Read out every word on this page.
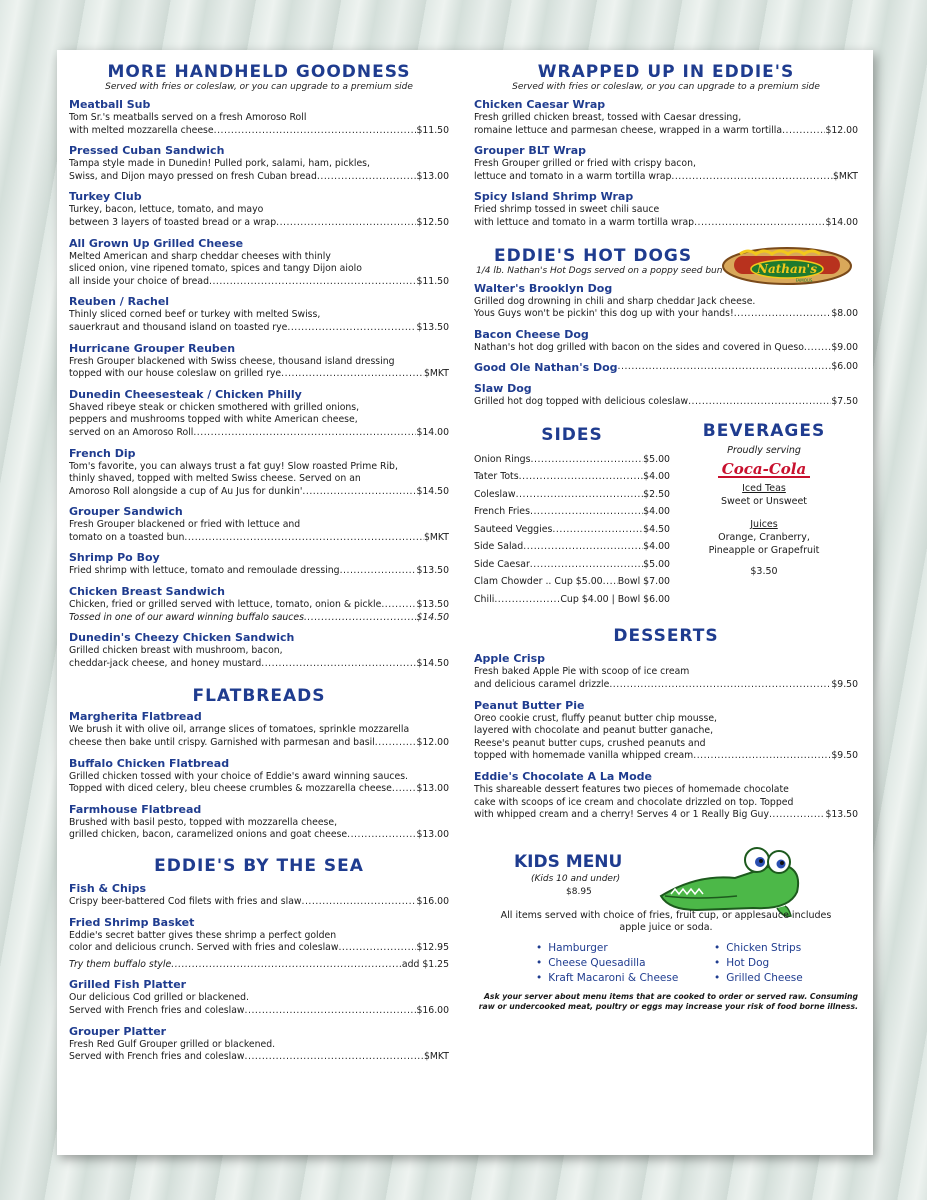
MORE HANDHELD GOODNESS

Served with fries or coleslaw, or you can upgrade to a premium side

Meatball Sub
Tom Sr.'s meatballs served on a fresh Amoroso Roll
with melted mozzarella cheese .....	$11.50
Pressed Cuban Sandwich
Tampa style made in Dunedin! Pulled pork, salami, ham, pickles,
Swiss, and Dijon mayo pressed on fresh Cuban bread .....	$13.00
Turkey Club
Turkey, bacon, lettuce, tomato, and mayo
between 3 layers of toasted bread or a wrap .....	$12.50
All Grown Up Grilled Cheese
Melted American and sharp cheddar cheeses with thinly
sliced onion, vine ripened tomato, spices and tangy Dijon aiolo
all inside your choice of bread .....	$11.50
Reuben / Rachel
Thinly sliced corned beef or turkey with melted Swiss,
sauerkraut and thousand island on toasted rye .....	$13.50
Hurricane Grouper Reuben
Fresh Grouper blackened with Swiss cheese, thousand island dressing
topped with our house coleslaw on grilled rye .....	$MKT
Dunedin Cheesesteak / Chicken Philly
Shaved ribeye steak or chicken smothered with grilled onions,
peppers and mushrooms topped with white American cheese,
served on an Amoroso Roll .....	$14.00
French Dip
Tom's favorite, you can always trust a fat guy! Slow roasted Prime Rib,
thinly shaved, topped with melted Swiss cheese. Served on an
Amoroso Roll alongside a cup of Au Jus for dunkin' .....	$14.50
Grouper Sandwich
Fresh Grouper blackened or fried with lettuce and
tomato on a toasted bun .....	$MKT
Shrimp Po Boy
Fried shrimp with lettuce, tomato and remoulade dressing .....	$13.50
Chicken Breast Sandwich
Chicken, fried or grilled served with lettuce, tomato, onion & pickle .....	$13.50
Tossed in one of our award winning buffalo sauces .....	$14.50
Dunedin's Cheezy Chicken Sandwich
Grilled chicken breast with mushroom, bacon,
cheddar-jack cheese, and honey mustard .....	$14.50
FLATBREADS
Margherita Flatbread
We brush it with olive oil, arrange slices of tomatoes, sprinkle mozzarella
cheese then bake until crispy. Garnished with parmesan and basil .....	$12.00
Buffalo Chicken Flatbread
Grilled chicken tossed with your choice of Eddie's award winning sauces.
Topped with diced celery, bleu cheese crumbles & mozzarella cheese .....	$13.00
Farmhouse Flatbread
Brushed with basil pesto, topped with mozzarella cheese,
grilled chicken, bacon, caramelized onions and goat cheese .....	$13.00
EDDIE'S BY THE SEA
Fish & Chips
Crispy beer-battered Cod filets with fries and slaw .....	$16.00
Fried Shrimp Basket
Eddie's secret batter gives these shrimp a perfect golden
color and delicious crunch. Served with fries and coleslaw .....	$12.95
Try them buffalo style .....	add $1.25
Grilled Fish Platter
Our delicious Cod grilled or blackened.
Served with French fries and coleslaw .....	$16.00
Grouper Platter
Fresh Red Gulf Grouper grilled or blackened.
Served with French fries and coleslaw .....	$MKT
WRAPPED UP IN EDDIE'S

Served with fries or coleslaw, or you can upgrade to a premium side

Chicken Caesar Wrap
Fresh grilled chicken breast, tossed with Caesar dressing,
romaine lettuce and parmesan cheese, wrapped in a warm tortilla .....	$12.00
Grouper BLT Wrap
Fresh Grouper grilled or fried with crispy bacon,
lettuce and tomato in a warm tortilla wrap .....	$MKT
Spicy Island Shrimp Wrap
Fried shrimp tossed in sweet chili sauce
with lettuce and tomato in a warm tortilla wrap .....	$14.00
EDDIE'S HOT DOGS

1/4 lb. Nathan's Hot Dogs served on a poppy seed bun	Nathan's
FAMOUS
Walter's Brooklyn Dog
Grilled dog drowning in chili and sharp cheddar Jack cheese.
Yous Guys won't be pickin' this dog up with your hands! .....	$8.00
Bacon Cheese Dog
Nathan's hot dog grilled with bacon on the sides and covered in Queso .....	$9.00
Good Ole Nathan's Dog .....	$6.00
Slaw Dog
Grilled hot dog topped with delicious coleslaw .....	$7.50
SIDES
Onion Rings .....	$5.00
Tater Tots .....	$4.00
Coleslaw .....	$2.50
French Fries .....	$4.00
Sauteed Veggies .....	$4.50
Side Salad .....	$4.00
Side Caesar .....	$5.00
Clam Chowder .. Cup $5.00 ..... Bowl $7.00
Chili .....	Cup $4.00 | Bowl $6.00
BEVERAGES
Proudly serving
Coca-Cola
Iced Teas
Sweet or Unsweet
Juices
Orange, Cranberry,
Pineapple or Grapefruit
$3.50
DESSERTS
Apple Crisp
Fresh baked Apple Pie with scoop of ice cream
and delicious caramel drizzle .....	$9.50
Peanut Butter Pie
Oreo cookie crust, fluffy peanut butter chip mousse,
layered with chocolate and peanut butter ganache,
Reese's peanut butter cups, crushed peanuts and
topped with homemade vanilla whipped cream .....	$9.50
Eddie's Chocolate A La Mode
This shareable dessert features two pieces of homemade chocolate
cake with scoops of ice cream and chocolate drizzled on top. Topped
with whipped cream and a cherry! Serves 4 or 1 Really Big Guy .....	$13.50
KIDS MENU
(Kids 10 and under)
$8.95
All items served with choice of fries, fruit cup, or applesauce includes apple juice or soda.
• Hamburger
• Cheese Quesadilla
• Kraft Macaroni & Cheese
• Chicken Strips
• Hot Dog
• Grilled Cheese
Ask your server about menu items that are cooked to order or served raw. Consuming
raw or undercooked meat, poultry or eggs may increase your risk of food borne illness.
